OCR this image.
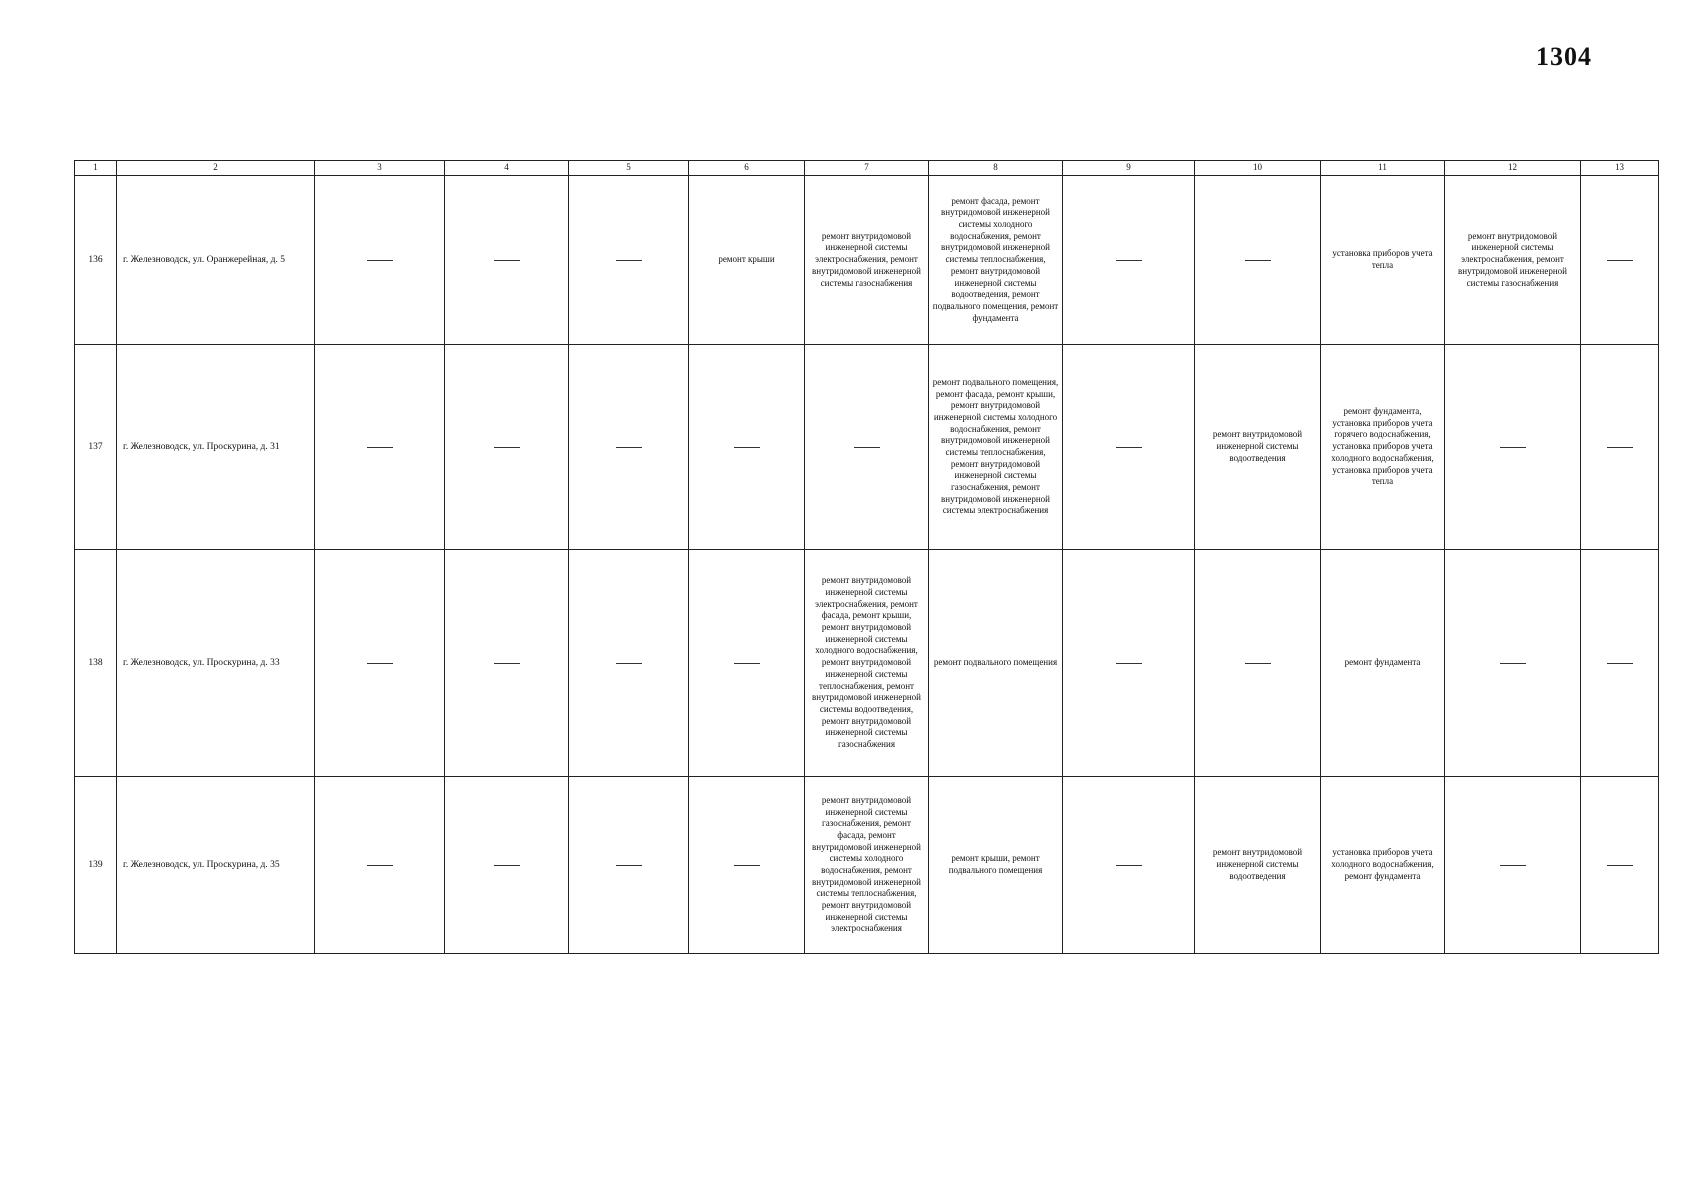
1304
1	2	3	4	5	6	7	8	9	10	11	12	13
136	г. Железноводск, ул. Оранжерейная, д. 5				ремонт крыши	ремонт внутридомовой инженерной системы электроснабжения, ремонт внутридомовой инженерной системы газоснабжения	ремонт фасада, ремонт внутридомовой инженерной системы холодного водоснабжения, ремонт внутридомовой инженерной системы теплоснабжения, ремонт внутридомовой инженерной системы водоотведения, ремонт подвального помещения, ремонт фундамента			установка приборов учета тепла	ремонт внутридомовой инженерной системы электроснабжения, ремонт внутридомовой инженерной системы газоснабжения	

137	г. Железноводск, ул. Проскурина, д. 31						ремонт подвального помещения, ремонт фасада, ремонт крыши, ремонт внутридомовой инженерной системы холодного водоснабжения, ремонт внутридомовой инженерной системы теплоснабжения, ремонт внутридомовой инженерной системы газоснабжения, ремонт внутридомовой инженерной системы электроснабжения		ремонт внутридомовой инженерной системы водоотведения	ремонт фундамента, установка приборов учета горячего водоснабжения, установка приборов учета холодного водоснабжения, установка приборов учета тепла		

138	г. Железноводск, ул. Проскурина, д. 33					ремонт внутридомовой инженерной системы электроснабжения, ремонт фасада, ремонт крыши, ремонт внутридомовой инженерной системы холодного водоснабжения, ремонт внутридомовой инженерной системы теплоснабжения, ремонт внутридомовой инженерной системы водоотведения, ремонт внутридомовой инженерной системы газоснабжения	ремонт подвального помещения			ремонт фундамента		

139	г. Железноводск, ул. Проскурина, д. 35					ремонт внутридомовой инженерной системы газоснабжения, ремонт фасада, ремонт внутридомовой инженерной системы холодного водоснабжения, ремонт внутридомовой инженерной системы теплоснабжения, ремонт внутридомовой инженерной системы электроснабжения	ремонт крыши, ремонт подвального помещения		ремонт внутридомовой инженерной системы водоотведения	установка приборов учета холодного водоснабжения, ремонт фундамента		
